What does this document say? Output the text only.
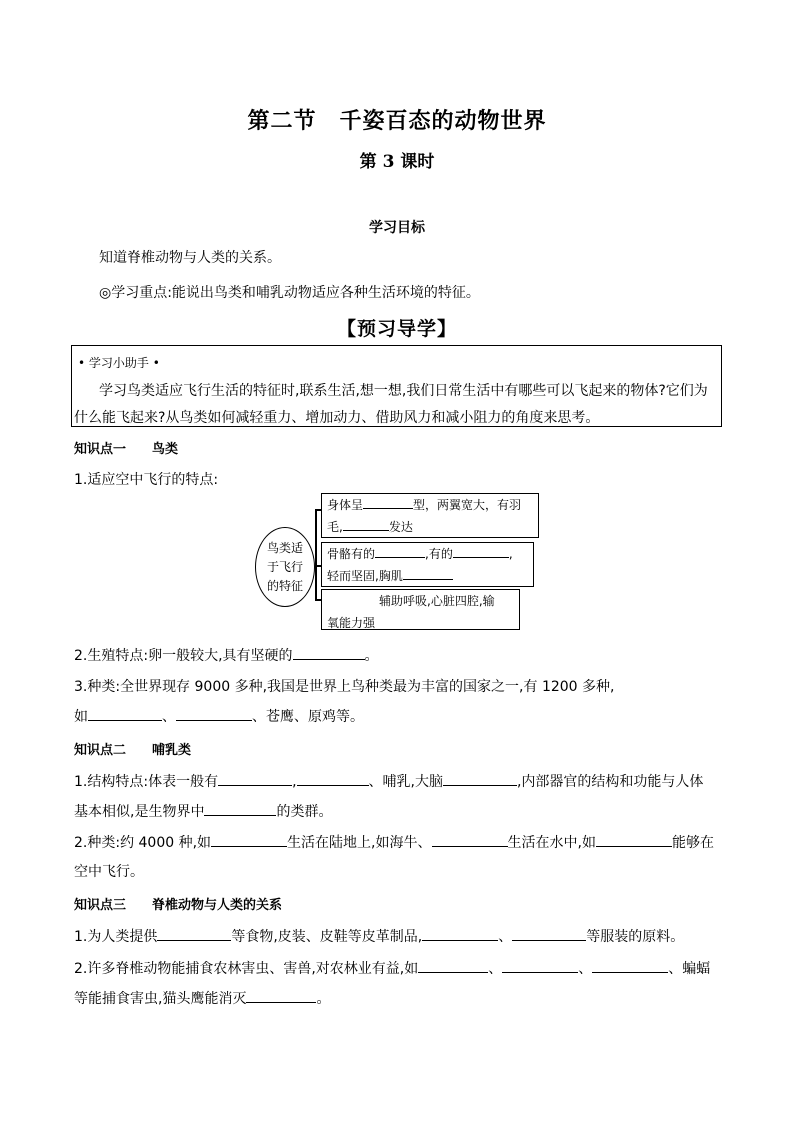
第二节　千姿百态的动物世界
第 3 课时
学习目标
知道脊椎动物与人类的关系。
◎学习重点:能说出鸟类和哺乳动物适应各种生活环境的特征。
【预习导学】
• 学习小助手 •
学习鸟类适应飞行生活的特征时,联系生活,想一想,我们日常生活中有哪些可以飞起来的物体?它们为
什么能飞起来?从鸟类如何减轻重力、增加动力、借助风力和减小阻力的角度来思考。
知识点一　　鸟类
1.适应空中飞行的特点:
鸟类适
于飞行
的特征
身体呈	型，两翼宽大，有羽
毛,	发达
骨骼有的	,有的	,
轻而坚固,胸肌
辅助呼吸,心脏四腔,输
氧能力强
2.生殖特点:卵一般较大,具有坚硬的	。
3.种类:全世界现存 9000 多种,我国是世界上鸟种类最为丰富的国家之一,有 1200 多种,
如	、	、苍鹰、原鸡等。
知识点二　　哺乳类
1.结构特点:体表一般有	,	、哺乳,大脑	,内部器官的结构和功能与人体
基本相似,是生物界中	的类群。
2.种类:约 4000 种,如	生活在陆地上,如海牛、	生活在水中,如	能够在
空中飞行。
知识点三　　脊椎动物与人类的关系
1.为人类提供	等食物,皮装、皮鞋等皮革制品,	、	等服装的原料。
2.许多脊椎动物能捕食农林害虫、害兽,对农林业有益,如	、	、	、蝙蝠
等能捕食害虫,猫头鹰能消灭	。
